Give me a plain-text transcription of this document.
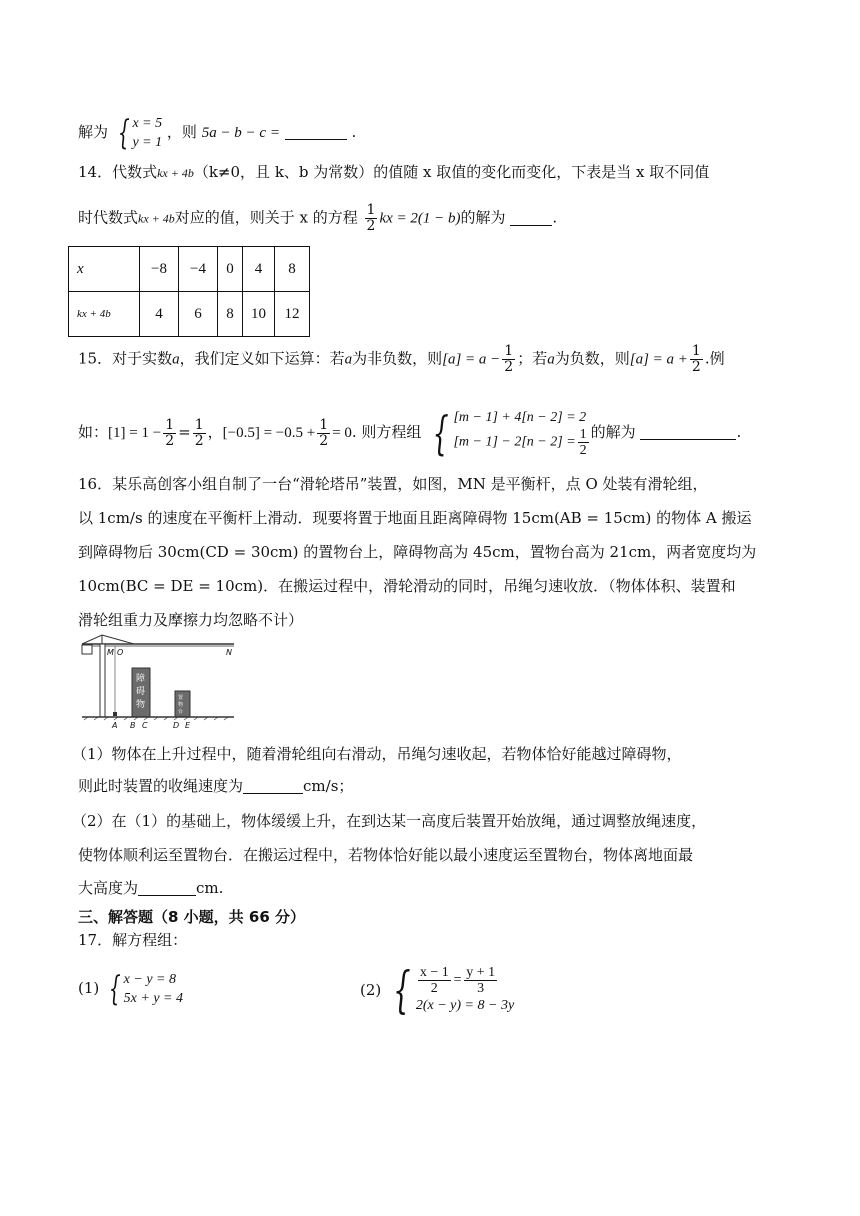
解为 { x = 5
y = 1
，则 5a − b − c =	.
14．代数式kx + 4b（k≠0，且 k、b 为常数）的值随 x 取值的变化而变化，下表是当 x 取不同值
时代数式kx + 4b对应的值，则关于 x 的方程 $\frac{1}{2}$ kx = 2(1 − b)的解为	.
x	−8	−4	0	4	8
kx + 4b	4	6	8	10	12
15．对于实数a，我们定义如下运算：若a为非负数，则$[a] = a - \frac{1}{2}$ ；若a为负数，则$[a] = a + \frac{1}{2}$ .例
如：$[1] = 1 - \frac{1}{2} = \frac{1}{2}$ ，$[-0.5] = -0.5 + \frac{1}{2} = 0$. 则方程组 { [m − 1] + 4[n − 2] = 2
$[m - 1] - 2[n - 2] = \frac{1}{2}$ 的解为	.
16．某乐高创客小组自制了一台“滑轮塔吊”装置，如图，MN 是平衡杆，点 O 处装有滑轮组，
以 1cm/s 的速度在平衡杆上滑动．现要将置于地面且距离障碍物 15cm(AB = 15cm) 的物体 A 搬运
到障碍物后 30cm(CD = 30cm) 的置物台上，障碍物高为 45cm，置物台高为 21cm，两者宽度均为
10cm(BC = DE = 10cm)．在搬运过程中，滑轮滑动的同时，吊绳匀速收放．（物体体积、装置和
滑轮组重力及摩擦力均忽略不计）
M O	N
障
碍
物
置
物
台
A B C	D E
（1）物体在上升过程中，随着滑轮组向右滑动，吊绳匀速收起，若物体恰好能越过障碍物，
则此时装置的收绳速度为	cm/s；
（2）在（1）的基础上，物体缓缓上升，在到达某一高度后装置开始放绳，通过调整放绳速度，
使物体顺利运至置物台．在搬运过程中，若物体恰好能以最小速度运至置物台，物体离地面最
大高度为	cm.
三、解答题（8 小题，共 66 分）
17．解方程组：
(1) { x − y = 8
5x + y = 4	(2) { $\frac{x - 1}{2} = \frac{y + 1}{3}$
2(x − y) = 8 − 3y
